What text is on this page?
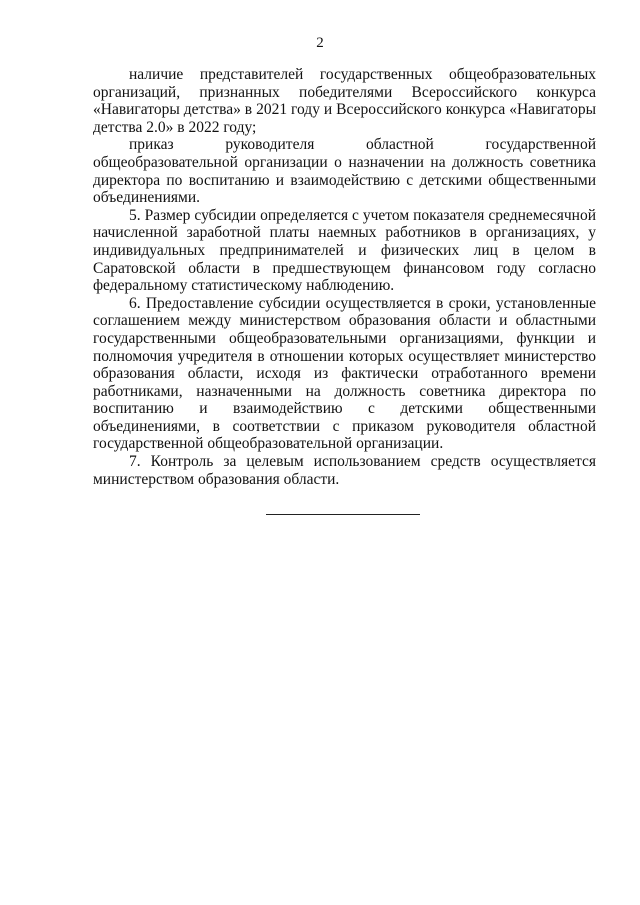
2

наличие представителей государственных общеобразовательных организаций, признанных победителями Всероссийского конкурса «Навигаторы детства» в 2021 году и Всероссийского конкурса «Навигаторы детства 2.0» в 2022 году;

приказ руководителя областной государственной общеобразовательной организации о назначении на должность советника директора по воспитанию и взаимодействию с детскими общественными объединениями.

5. Размер субсидии определяется с учетом показателя среднемесячной начисленной заработной платы наемных работников в организациях, у индивидуальных предпринимателей и физических лиц в целом в Саратовской области в предшествующем финансовом году согласно федеральному статистическому наблюдению.

6. Предоставление субсидии осуществляется в сроки, установленные соглашением между министерством образования области и областными государственными общеобразовательными организациями, функции и полномочия учредителя в отношении которых осуществляет министерство образования области, исходя из фактически отработанного времени работниками, назначенными на должность советника директора по воспитанию и взаимодействию с детскими общественными объединениями, в соответствии с приказом руководителя областной государственной общеобразовательной организации.

7. Контроль за целевым использованием средств осуществляется министерством образования области.
